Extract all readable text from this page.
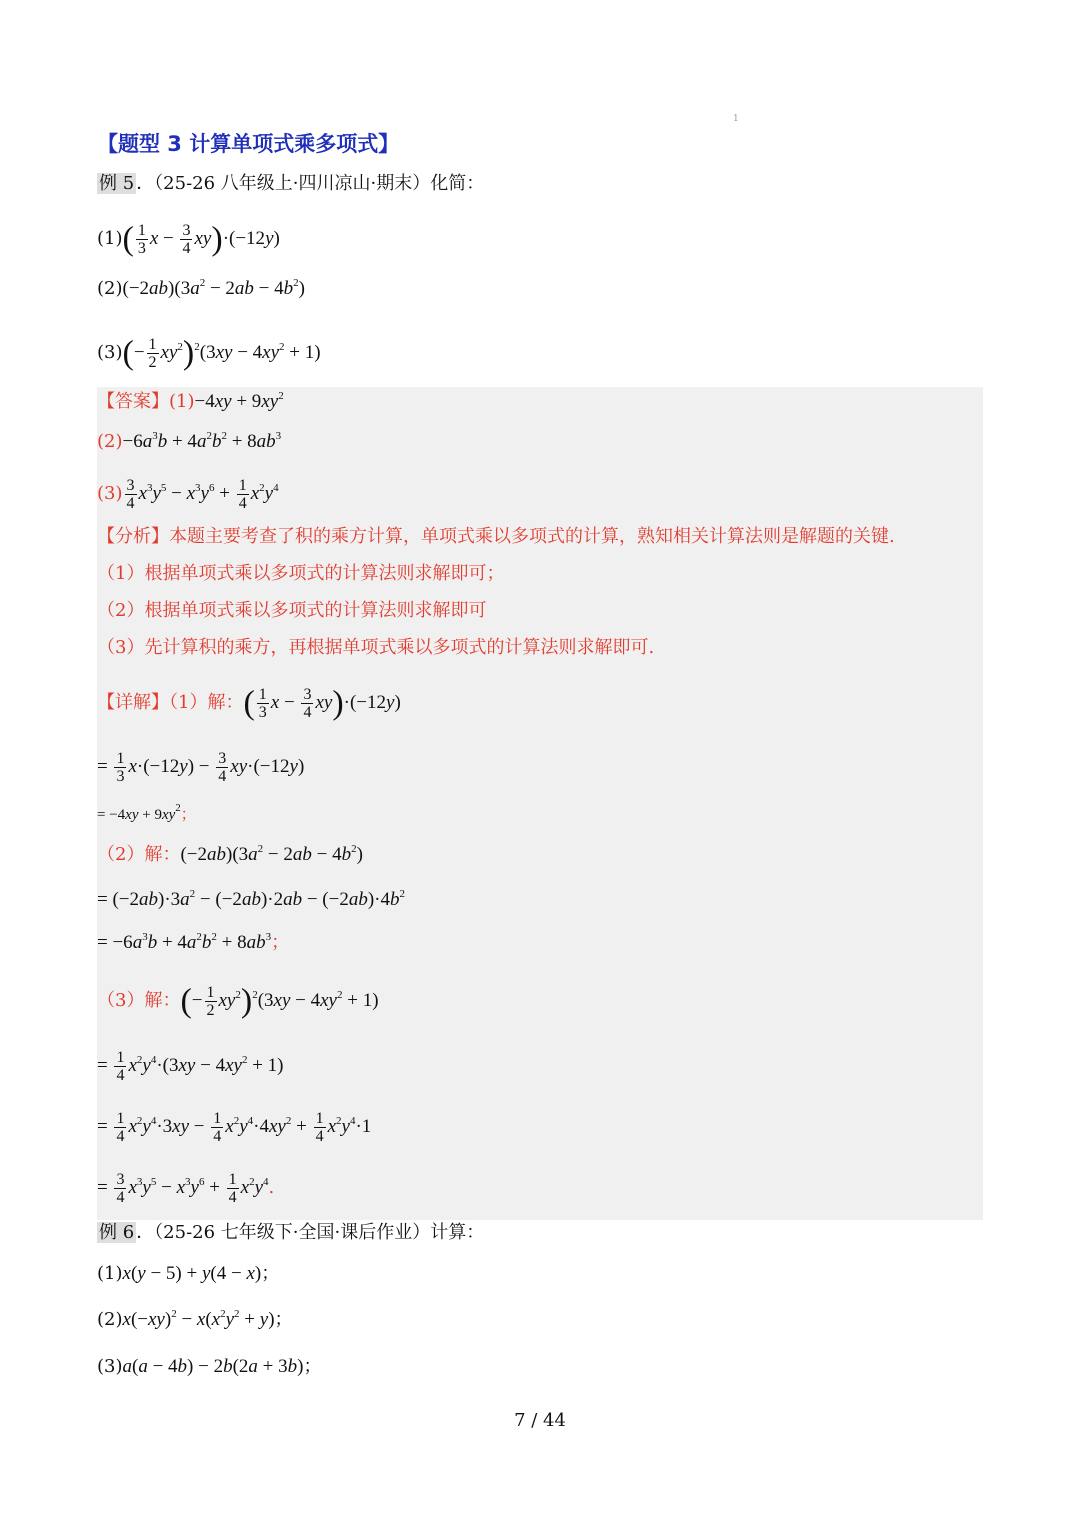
1
【题型 3 计算单项式乘多项式】
例 5 ．（25-26 八年级上·四川凉山·期末）化简：
$(1)( \frac{1}{3}$ $x - \frac{3}{4} xy)\cdot(-12y)$
$(2)(-2ab)(3a^2 - 2ab - 4b^2)$
$(3)(- \frac{1}{2} xy^2)^2(3xy - 4xy^2 + 1)$
【答案】$(1)-4xy + 9xy^2$
$(2)-6a^3b + 4a^2b^2 + 8ab^3$
$(3) \frac{3}{4} x^3y^5 - x^3y^6 + \frac{1}{4} x^2y^4$
【分析】本题主要考查了积的乘方计算，单项式乘以多项式的计算，熟知相关计算法则是解题的关键.
（1）根据单项式乘以多项式的计算法则求解即可；
（2）根据单项式乘以多项式的计算法则求解即可
（3）先计算积的乘方，再根据单项式乘以多项式的计算法则求解即可.
【详解】（1）解：( $\frac{1}{3}$ $x - \frac{3}{4} xy)\cdot(-12y)$
= $\frac{1}{3} x\cdot(-12y) - \frac{3}{4} xy\cdot(-12y)$
= $-4xy + 9xy^2$；
（2）解：$(-2ab)(3a^2 - 2ab - 4b^2)$
= $(-2ab)\cdot 3a^2 - (-2ab)\cdot 2ab - (-2ab)\cdot 4b^2$
= $-6a^3b + 4a^2b^2 + 8ab^3$；
（3）解：(− $\frac{1}{2} xy^2)^2(3xy - 4xy^2 + 1)$
= $\frac{1}{4} x^2y^4\cdot(3xy - 4xy^2 + 1)$
= $\frac{1}{4} x^2y^4\cdot 3xy - \frac{1}{4} x^2y^4\cdot 4xy^2 + \frac{1}{4} x^2y^4\cdot 1$
= $\frac{3}{4} x^3y^5 - x^3y^6 + \frac{1}{4} x^2y^4$.
例 6 ．（25-26 七年级下·全国·课后作业）计算：
(1)x(y − 5) + y(4 − x)；
$(2)x(-xy)^2 - x(x^2y^2 + y)$；
(3)a(a − 4b) − 2b(2a + 3b)；
7 / 44
